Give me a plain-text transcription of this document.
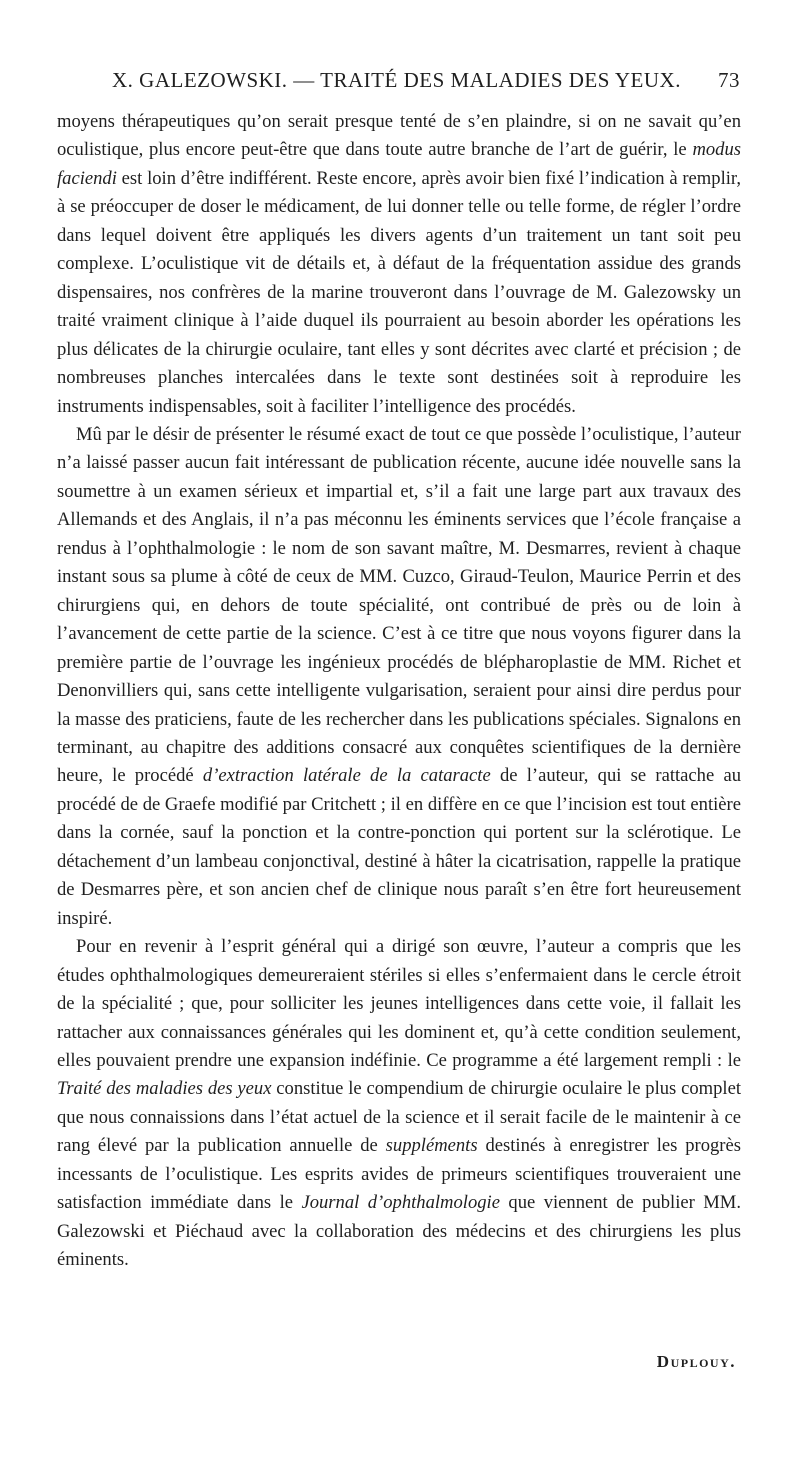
X. GALEZOWSKI. — TRAITÉ DES MALADIES DES YEUX. 73

moyens thérapeutiques qu’on serait presque tenté de s’en plaindre, si on ne savait qu’en oculistique, plus encore peut-être que dans toute autre branche de l’art de guérir, le modus faciendi est loin d’être indifférent. Reste encore, après avoir bien fixé l’indication à remplir, à se préoccuper de doser le médicament, de lui donner telle ou telle forme, de régler l’ordre dans lequel doivent être appliqués les divers agents d’un traitement un tant soit peu complexe. L’oculistique vit de détails et, à défaut de la fréquentation assidue des grands dispensaires, nos confrères de la marine trouveront dans l’ouvrage de M. Galezowsky un traité vraiment clinique à l’aide duquel ils pourraient au besoin aborder les opérations les plus délicates de la chirurgie oculaire, tant elles y sont décrites avec clarté et précision ; de nombreuses planches intercalées dans le texte sont destinées soit à reproduire les instruments indispensables, soit à faciliter l’intelligence des procédés.

Mû par le désir de présenter le résumé exact de tout ce que possède l’oculistique, l’auteur n’a laissé passer aucun fait intéressant de publication récente, aucune idée nouvelle sans la soumettre à un examen sérieux et impartial et, s’il a fait une large part aux travaux des Allemands et des Anglais, il n’a pas méconnu les éminents services que l’école française a rendus à l’ophthalmologie : le nom de son savant maître, M. Desmarres, revient à chaque instant sous sa plume à côté de ceux de MM. Cuzco, Giraud-Teulon, Maurice Perrin et des chirurgiens qui, en dehors de toute spécialité, ont contribué de près ou de loin à l’avancement de cette partie de la science. C’est à ce titre que nous voyons figurer dans la première partie de l’ouvrage les ingénieux procédés de blépharoplastie de MM. Richet et Denonvilliers qui, sans cette intelligente vulgarisation, seraient pour ainsi dire perdus pour la masse des praticiens, faute de les rechercher dans les publications spéciales. Signalons en terminant, au chapitre des additions consacré aux conquêtes scientifiques de la dernière heure, le procédé d’extraction latérale de la cataracte de l’auteur, qui se rattache au procédé de de Graefe modifié par Critchett ; il en diffère en ce que l’incision est tout entière dans la cornée, sauf la ponction et la contre-ponction qui portent sur la sclérotique. Le détachement d’un lambeau conjonctival, destiné à hâter la cicatrisation, rappelle la pratique de Desmarres père, et son ancien chef de clinique nous paraît s’en être fort heureusement inspiré.

Pour en revenir à l’esprit général qui a dirigé son œuvre, l’auteur a compris que les études ophthalmologiques demeureraient stériles si elles s’enfermaient dans le cercle étroit de la spécialité ; que, pour solliciter les jeunes intelligences dans cette voie, il fallait les rattacher aux connaissances générales qui les dominent et, qu’à cette condition seulement, elles pouvaient prendre une expansion indéfinie. Ce programme a été largement rempli : le Traité des maladies des yeux constitue le compendium de chirurgie oculaire le plus complet que nous connaissions dans l’état actuel de la science et il serait facile de le maintenir à ce rang élevé par la publication annuelle de suppléments destinés à enregistrer les progrès incessants de l’oculistique. Les esprits avides de primeurs scientifiques trouveraient une satisfaction immédiate dans le Journal d’ophthalmologie que viennent de publier MM. Galezowski et Piéchaud avec la collaboration des médecins et des chirurgiens les plus éminents.

Duplouy.
